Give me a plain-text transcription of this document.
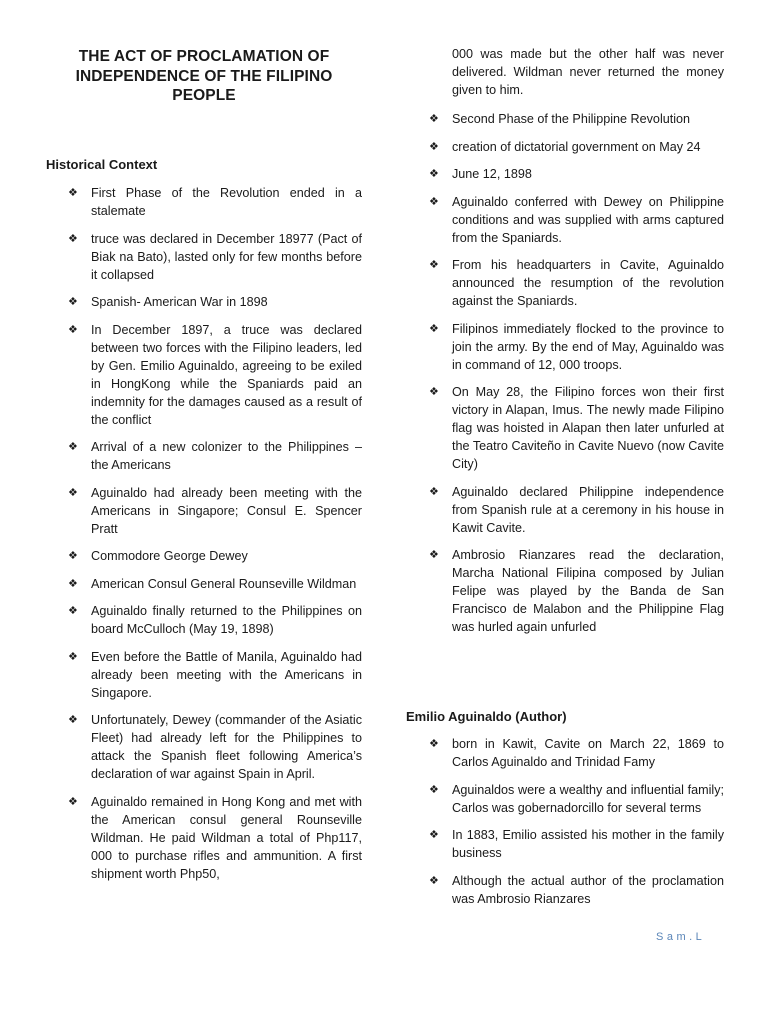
THE ACT OF PROCLAMATION OF INDEPENDENCE OF THE FILIPINO PEOPLE
Historical Context
❖	First Phase of the Revolution ended in a stalemate
❖	truce was declared in December 18977 (Pact of Biak na Bato), lasted only for few months before it collapsed
❖	Spanish- American War in 1898
❖	In December 1897, a truce was declared between two forces with the Filipino leaders, led by Gen. Emilio Aguinaldo, agreeing to be exiled in HongKong while the Spaniards paid an indemnity for the damages caused as a result of the conflict
❖	Arrival of a new colonizer to the Philippines – the Americans
❖	Aguinaldo had already been meeting with the Americans in Singapore; Consul E. Spencer Pratt
❖	Commodore George Dewey
❖	American Consul General Rounseville Wildman
❖	Aguinaldo finally returned to the Philippines on board McCulloch (May 19, 1898)
❖	Even before the Battle of Manila, Aguinaldo had already been meeting with the Americans in Singapore.
❖	Unfortunately, Dewey (commander of the Asiatic Fleet) had already left for the Philippines to attack the Spanish fleet following America’s declaration of war against Spain in April.
❖	Aguinaldo remained in Hong Kong and met with the American consul general Rounseville Wildman. He paid Wildman a total of Php117, 000 to purchase rifles and ammunition. A first shipment worth Php50,

000 was made but the other half was never delivered. Wildman never returned the money given to him.

❖	Second Phase of the Philippine Revolution
❖	creation of dictatorial government on May 24
❖	June 12, 1898
❖	Aguinaldo conferred with Dewey on Philippine conditions and was supplied with arms captured from the Spaniards.
❖	From his headquarters in Cavite, Aguinaldo announced the resumption of the revolution against the Spaniards.
❖	Filipinos immediately flocked to the province to join the army. By the end of May, Aguinaldo was in command of 12, 000 troops.
❖	On May 28, the Filipino forces won their first victory in Alapan, Imus. The newly made Filipino flag was hoisted in Alapan then later unfurled at the Teatro Caviteño in Cavite Nuevo (now Cavite City)
❖	Aguinaldo declared Philippine independence from Spanish rule at a ceremony in his house in Kawit Cavite.
❖	Ambrosio Rianzares read the declaration, Marcha National Filipina composed by Julian Felipe was played by the Banda de San Francisco de Malabon and the Philippine Flag was hurled again unfurled
Emilio Aguinaldo (Author)
❖	born in Kawit, Cavite on March 22, 1869 to Carlos Aguinaldo and Trinidad Famy
❖	Aguinaldos were a wealthy and influential family; Carlos was gobernadorcillo for several terms
❖	In 1883, Emilio assisted his mother in the family business
❖	Although the actual author of the proclamation was Ambrosio Rianzares
Sam.L
